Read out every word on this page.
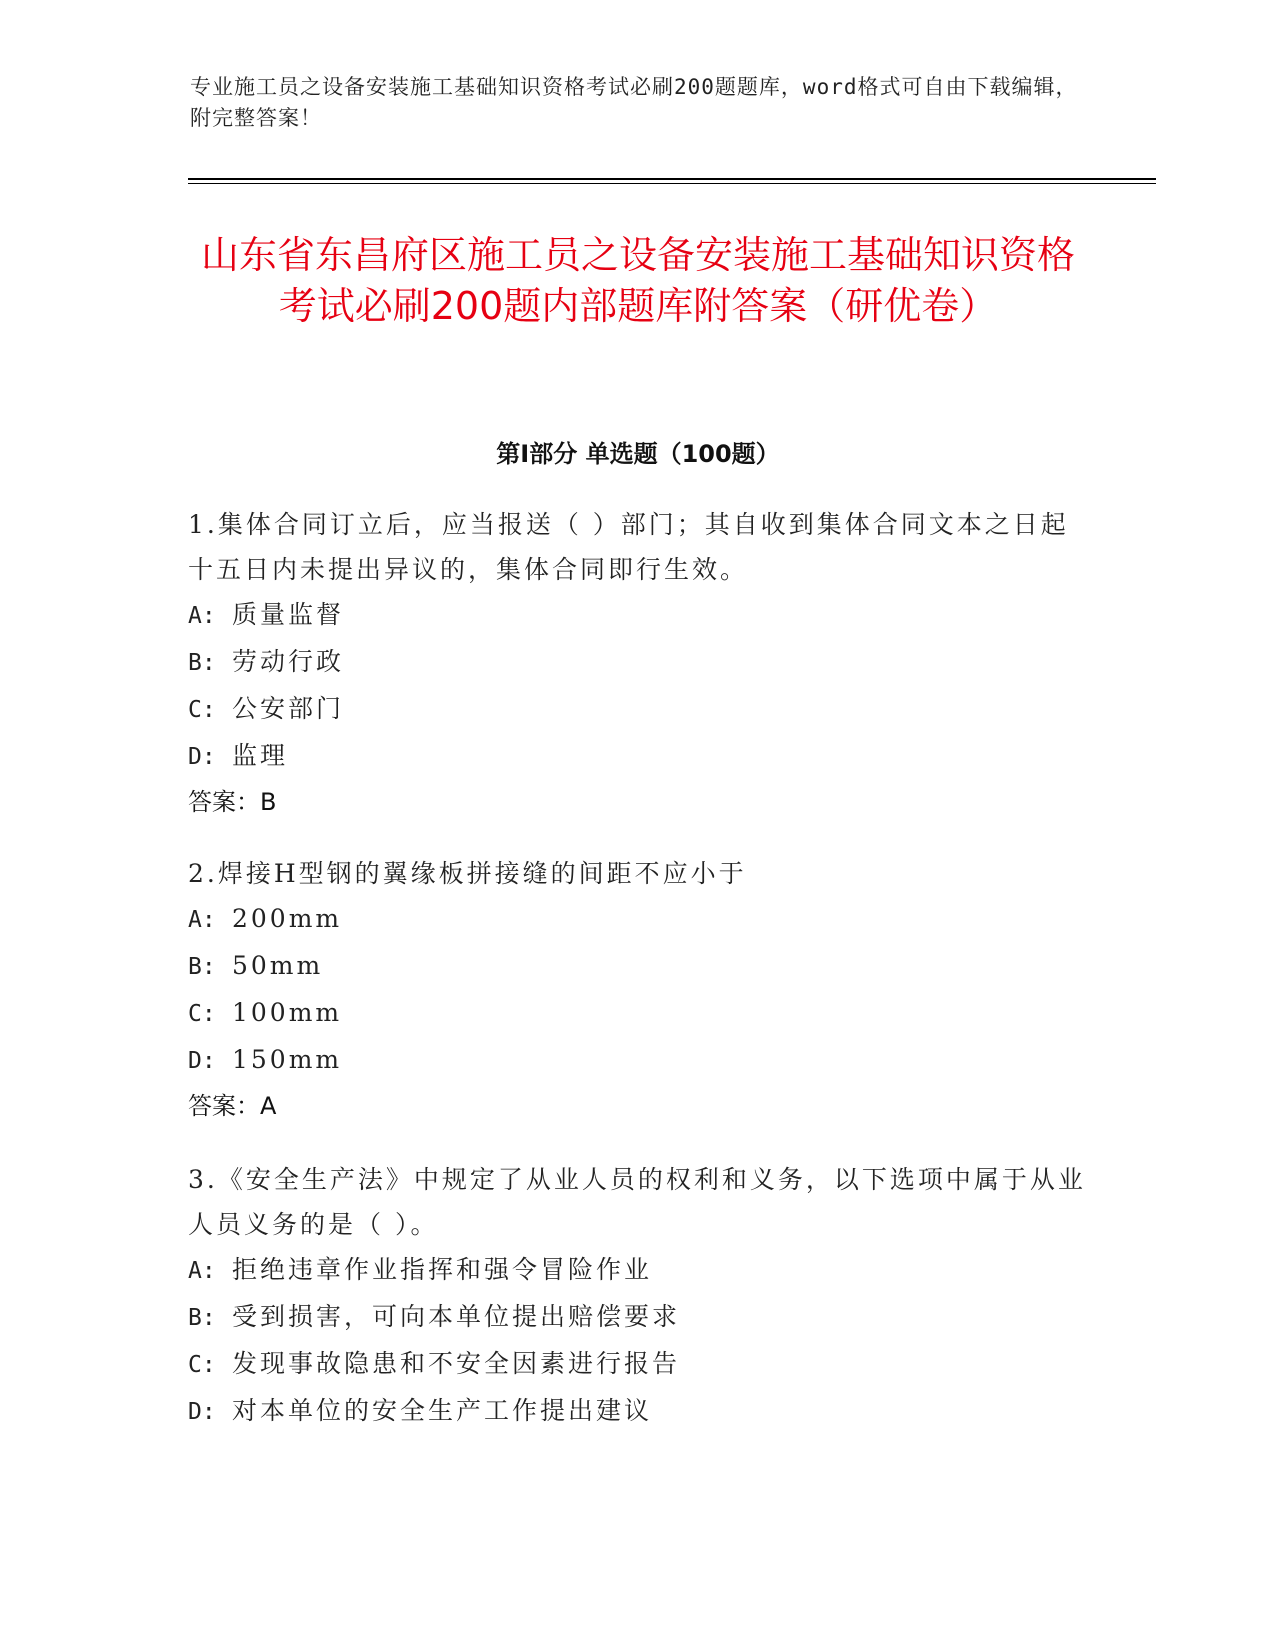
专业施工员之设备安装施工基础知识资格考试必刷200题题库，word格式可自由下载编辑，附完整答案！
山东省东昌府区施工员之设备安装施工基础知识资格考试必刷200题内部题库附答案（研优卷）
第Ⅰ部分 单选题（100题）
1.集体合同订立后，应当报送（ ）部门；其自收到集体合同文本之日起十五日内未提出异议的，集体合同即行生效。
A: 质量监督
B: 劳动行政
C: 公安部门
D: 监理
答案：B
2.焊接H型钢的翼缘板拼接缝的间距不应小于
A: 200mm
B: 50mm
C: 100mm
D: 150mm
答案：A
3.《安全生产法》中规定了从业人员的权利和义务，以下选项中属于从业人员义务的是（ ）。
A: 拒绝违章作业指挥和强令冒险作业
B: 受到损害，可向本单位提出赔偿要求
C: 发现事故隐患和不安全因素进行报告
D: 对本单位的安全生产工作提出建议
